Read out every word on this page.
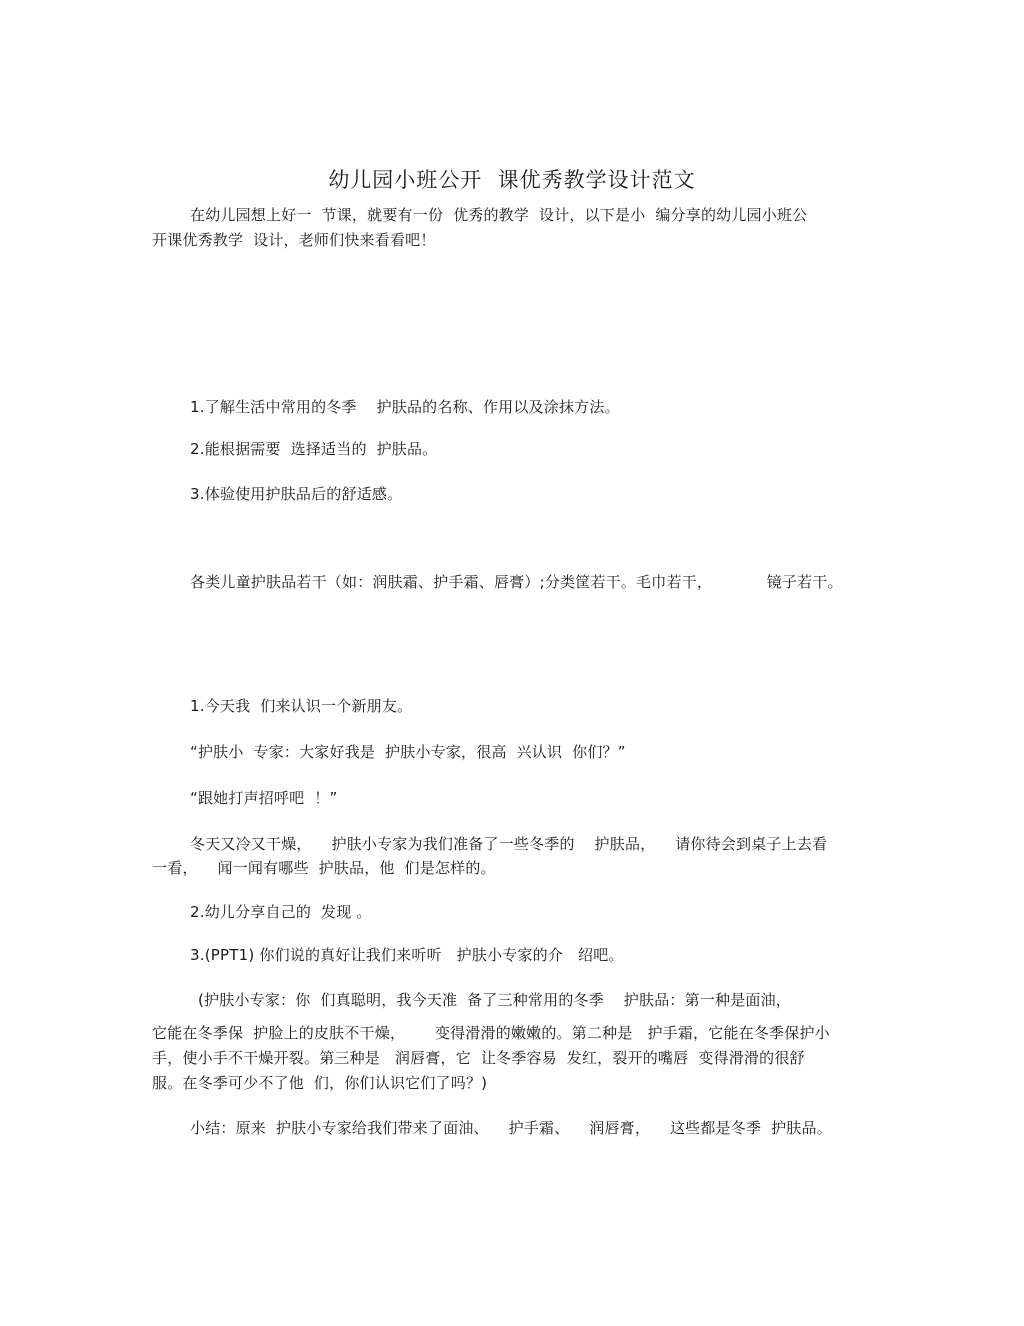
幼儿园小班公开  课优秀教学设计范文
在幼儿园想上好一  节课，就要有一份  优秀的教学  设计，以下是小  编分享的幼儿园小班公
开课优秀教学  设计，老师们快来看看吧！
1.了解生活中常用的冬季    护肤品的名称、作用以及涂抹方法。
2.能根据需要  选择适当的  护肤品。
3.体验使用护肤品后的舒适感。
各类儿童护肤品若干（如：润肤霜、护手霜、唇膏）;分类筐若干。毛巾若干，           镜子若干。
1.今天我  们来认识一个新朋友。
“护肤小  专家：大家好我是  护肤小专家，很高  兴认识  你们？”
“跟她打声招呼吧  ！”
冬天又冷又干燥，    护肤小专家为我们准备了一些冬季的    护肤品，    请你待会到桌子上去看
一看，    闻一闻有哪些  护肤品，他  们是怎样的。
2.幼儿分享自己的  发现 。
3.(PPT1) 你们说的真好让我们来听听   护肤小专家的介   绍吧。
(护肤小专家：你  们真聪明，我今天准  备了三种常用的冬季    护肤品：第一种是面油，
它能在冬季保  护脸上的皮肤不干燥，      变得滑滑的嫩嫩的。第二种是   护手霜，它能在冬季保护小
手，使小手不干燥开裂。第三种是   润唇膏，它  让冬季容易  发红，裂开的嘴唇  变得滑滑的很舒
服。在冬季可少不了他  们，你们认识它们了吗？)
小结：原来  护肤小专家给我们带来了面油、    护手霜、    润唇膏，    这些都是冬季  护肤品。
